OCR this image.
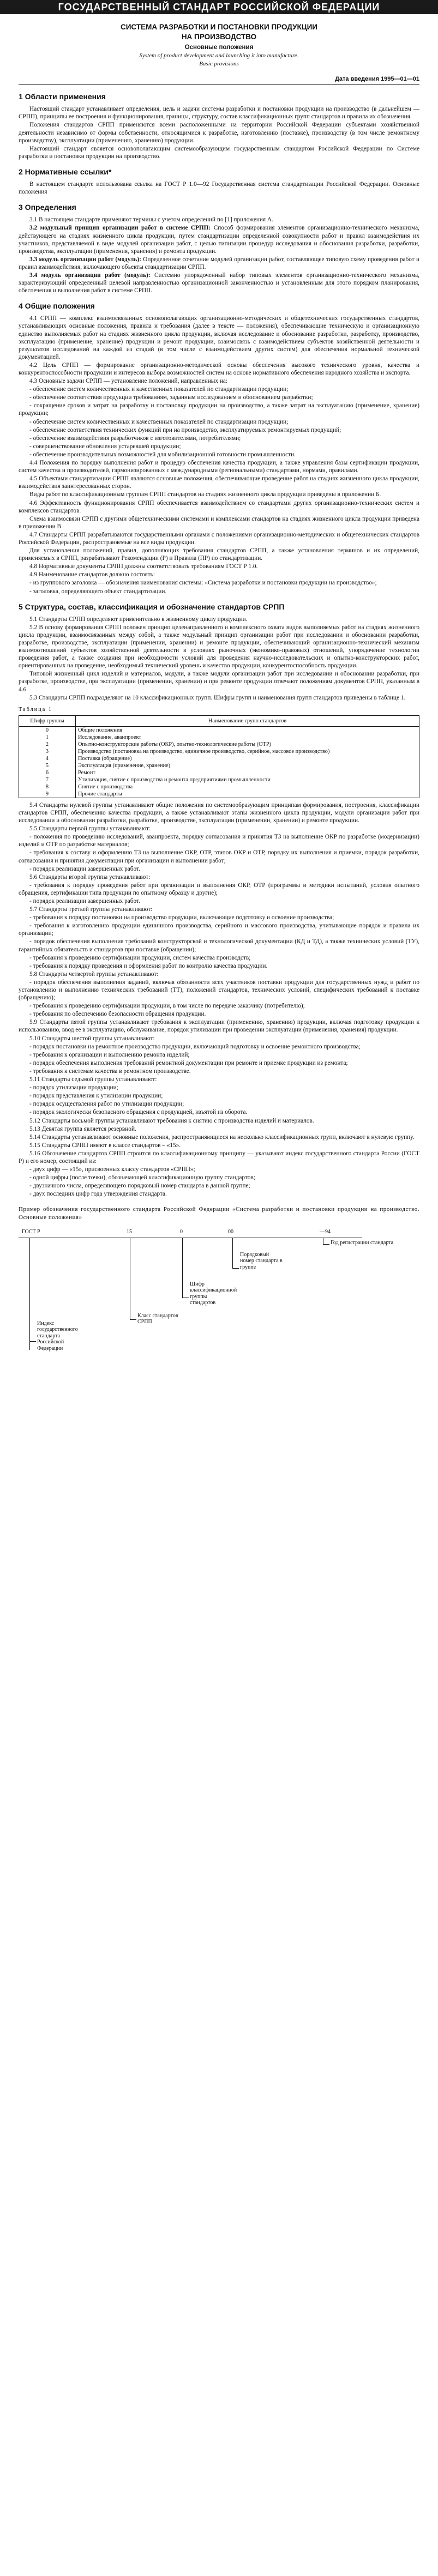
ГОСУДАРСТВЕННЫЙ СТАНДАРТ РОССИЙСКОЙ ФЕДЕРАЦИИ
СИСТЕМА РАЗРАБОТКИ И ПОСТАНОВКИ ПРОДУКЦИИ
НА ПРОИЗВОДСТВО
Основные положения
System of product development and launching it into manufacture.
Basic provisions
Дата введения 1995—01—01
1 Области применения

Настоящий стандарт устанавливает определения, цель и задачи системы разработки и постановки продукции на производство (в дальнейшем — СРПП), принципы ее построения и функционирования, границы, структуру, состав классификационных групп стандартов и правила их обозначения.

Положения стандартов СРПП применяются всеми расположенными на территории Российской Федерации субъектами хозяйственной деятельности независимо от формы собственности, относящимися к разработке, изготовлению (поставке), производству (в том числе ремонтному производству), эксплуатации (применению, хранению) продукции.

Настоящий стандарт является основополагающим системообразующим государственным стандартом Российской Федерации по Системе разработки и постановки продукции на производство.

2 Нормативные ссылки*

В настоящем стандарте использована ссылка на ГОСТ Р 1.0—92 Государственная система стандартизации Российской Федерации. Основные положения

3 Определения

3.1 В настоящем стандарте применяют термины с учетом определений по [1] приложения А.

3.2 модульный принцип организации работ в системе СРПП: Способ формирования элементов организационно-технического механизма, действующего на стадиях жизненного цикла продукции, путем стандартизации определенной совокупности работ и правил взаимодействия их участников, представляемой в виде модулей организации работ, с целью типизации процедур исследования и обоснования разработки, разработки, производства, эксплуатации (применения, хранения) и ремонта продукции.

3.3 модуль организации работ (модуль): Определенное сочетание модулей организации работ, составляющее типовую схему проведения работ и правил взаимодействия, включающего объекты стандартизации СРПП.

3.4 модуль организации работ (модуль): Системно упорядоченный набор типовых элементов организационно-технического механизма, характеризующий определенный целевой направленностью организационной законченностью и установленным для этого порядком планирования, обеспечения и выполнения работ в системе СРПП.

4 Общие положения

4.1 СРПП — комплекс взаимосвязанных основополагающих организационно-методических и общетехнических государственных стандартов, устанавливающих основные положения, правила и требования (далее в тексте — положения), обеспечивающие техническую и организационную единство выполняемых работ на стадиях жизненного цикла продукции, включая исследование и обоснование разработки, разработку, производство, эксплуатацию (применение, хранение) продукции и ремонт продукции, взаимосвязь с взаимодействием субъектов хозяйственной деятельности и результатов исследований на каждой из стадий (в том числе с взаимодействием других систем) для обеспечения нормальной технической документацией.

4.2 Цель СРПП — формирование организационно-методической основы обеспечения высокого технического уровня, качества и конкурентоспособности продукции и интересов выбора возможностей систем на основе нормативного обеспечения народного хозяйства и экспорта.

4.3 Основные задачи СРПП — установление положений, направленных на:

- обеспечение систем количественных и качественных показателей по стандартизации продукции;

- обеспечение соответствия продукции требованиям, заданным исследованием и обоснованием разработки;

- сокращение сроков и затрат на разработку и постановку продукции на производство, а также затрат на эксплуатацию (применение, хранение) продукции;

- обеспечение систем количественных и качественных показателей по стандартизации продукции;

- обеспечение соответствия технических функций при на производство, эксплуатируемых ремонтируемых продукций;

- обеспечение взаимодействия разработчиков с изготовителями, потребителями;

- совершенствование обновления устаревшей продукции;

- обеспечение производительных возможностей для мобилизационной готовности промышленности.

4.4 Положения по порядку выполнения работ и процедур обеспечения качества продукции, а также управления базы сертификации продукции, систем качества и производителей, гармонизированных с международными (региональными) стандартами, нормами, правилами.

4.5 Объектами стандартизации СРПП являются основные положения, обеспечивающие проведение работ на стадиях жизненного цикла продукции, взаимодействия заинтересованных сторон.

Виды работ по классификационным группам СРПП стандартов на стадиях жизненного цикла продукции приведены в приложении Б.

4.6 Эффективность функционирования СРПП обеспечивается взаимодействием со стандартами других организационно-технических систем и комплексов стандартов.

Схема взаимосвязи СРПП с другими общетехническими системами и комплексами стандартов на стадиях жизненного цикла продукции приведена в приложении В.

4.7 Стандарты СРПП разрабатываются государственными органами с положениями организационно-методических и общетехнических стандартов Российской Федерации, распространяемые на все виды продукции.

Для установления положений, правил, дополняющих требования стандартов СРПП, а также установления терминов и их определений, применяемых в СРПП, разрабатывают Рекомендации (Р) и Правила (ПР) по стандартизации.

4.8 Нормативные документы СРПП должны соответствовать требованиям ГОСТ Р 1.0.

4.9 Наименование стандартов должно состоять:

- из группового заголовка — обозначения наименования системы: «Система разработки и постановки продукции на производство»;

- заголовка, определяющего объект стандартизации.

5 Структура, состав, классификация и обозначение стандартов СРПП

5.1 Стандарты СРПП определяют применительно к жизненному циклу продукции.

5.2 В основу формирования СРПП положен принцип целенаправленного и комплексного охвата видов выполняемых работ на стадиях жизненного цикла продукции, взаимосвязанных между собой, а также модульный принцип организации работ при исследовании и обосновании разработки, разработке, производстве, эксплуатации (применении, хранении) и ремонте продукции, обеспечивающий организационно-технический механизм взаимоотношений субъектов хозяйственной деятельности в условиях рыночных (экономико-правовых) отношений, упорядочение технологии проведения работ, а также создания при необходимости условий для проведения научно-исследовательских и опытно-конструкторских работ, ориентированных на проведение, необходимый технический уровень и качество продукции, конкурентоспособность продукции.

Типовой жизненный цикл изделий и материалов, модули, а также модули организации работ при исследовании и обосновании разработки, при разработке, производстве, при эксплуатации (применении, хранении) и при ремонте продукции отвечают положениям документов СРПП, указанным в 4.6.

5.3 Стандарты СРПП подразделяют на 10 классификационных групп. Шифры групп и наименования групп стандартов приведены в таблице 1.

Таблица 1
Шифр группы	Наименование групп стандартов
0	Общие положения
1	Исследование, аванпроект
2	Опытно-конструкторские работы (ОКР), опытно-технологические работы (ОТР)
3	Производство (постановка на производство, единичное производство, серийное, массовое производство)
4	Поставка (обращение)
5	Эксплуатация (применение, хранение)
6	Ремонт
7	Утилизация, снятие с производства и ремонта предприятиями промышленности
8	Снятие с производства
9	Прочие стандарты

5.4 Стандарты нулевой группы устанавливают общие положения по системообразующим принципам формирования, построения, классификации стандартов СРПП, обеспечению качества продукции, а также устанавливают этапы жизненного цикла продукции, модули организации работ при исследовании и обосновании разработки, разработке, производстве, эксплуатации (применении, хранении) и ремонте продукции.

5.5 Стандарты первой группы устанавливают:

- положения по проведению исследований, аванпроекта, порядку согласования и принятия ТЗ на выполнение ОКР по разработке (модернизации) изделий и ОТР по разработке материалов;

- требования к составу и оформлению ТЗ на выполнение ОКР, ОТР, этапов ОКР и ОТР, порядку их выполнения и приемки, порядок разработки, согласования и принятия документации при организации и выполнении работ;

- порядок реализации завершенных работ.

5.6 Стандарты второй группы устанавливают:

- требования к порядку проведения работ при организации и выполнения ОКР, ОТР (программы и методики испытаний, условия опытного обращения, сертификации типа продукции по опытному образцу и другие);

- порядок реализации завершенных работ.

5.7 Стандарты третьей группы устанавливают:

- требования к порядку постановки на производство продукции, включающие подготовку и освоение производства;

- требования к изготовлению продукции единичного производства, серийного и массового производства, учитывающие порядок и правила их организации;

- порядок обеспечения выполнения требований конструкторской и технологической документации (КД и ТД), а также технических условий (ТУ), гарантийных обязательств и стандартов при поставке (обращении);

- требования к проведению сертификации продукции, систем качества производств;

- требования к порядку проведения и оформления работ по контролю качества продукции.

5.8 Стандарты четвертой группы устанавливают:

- порядок обеспечения выполнения заданий, включая обязанности всех участников поставки продукции для государственных нужд и работ по установлению и выполнению технических требований (ТТ), положений стандартов, технических условий, специфических требований к поставке (обращению);

- требования к проведению сертификации продукции, в том числе по передаче заказчику (потребителю);

- требования по обеспечению безопасности обращения продукции.

5.9 Стандарты пятой группы устанавливают требования к эксплуатации (применению, хранению) продукции, включая подготовку продукции к использованию, ввод ее в эксплуатацию, обслуживание, порядок утилизации при проведении эксплуатации (применения, хранения) продукции.

5.10 Стандарты шестой группы устанавливают:

- порядок постановки на ремонтное производство продукции, включающий подготовку и освоение ремонтного производства;

- требования к организации и выполнению ремонта изделий;

- порядок обеспечения выполнения требований ремонтной документации при ремонте и приемке продукции из ремонта;

- требования к системам качества в ремонтном производстве.

5.11 Стандарты седьмой группы устанавливают:

- порядок утилизации продукции;

- порядок представления к утилизации продукции;

- порядок осуществления работ по утилизации продукции;

- порядок экологически безопасного обращения с продукцией, изъятой из оборота.

5.12 Стандарты восьмой группы устанавливают требования к снятию с производства изделий и материалов.

5.13 Девятая группа является резервной.

5.14 Стандарты устанавливают основные положения, распространяющиеся на несколько классификационных групп, включают в нулевую группу.

5.15 Стандарты СРПП имеют в классе стандартов – «15».

5.16 Обозначение стандартов СРПП строится по классификационному принципу — указывают индекс государственного стандарта России (ГОСТ Р) и его номер, состоящий из:

- двух цифр — «15», присвоенных классу стандартов «СРПП»;

- одной цифры (после точки), обозначающей классификационную группу стандартов;

- двузначного числа, определяющего порядковый номер стандарта в данной группе;

- двух последних цифр года утверждения стандарта.

Пример обозначения государственного стандарта Российской Федерации «Система разработки и постановки продукции на производство. Основные положения»
ГОСТ Р	15	0	00	—94
Год регистрации стандарта
Порядковый номер стандарта в группе
Шифр классификационной группы стандартов
Класс стандартов СРПП
Индекс государственного стандарта Российской Федерации
